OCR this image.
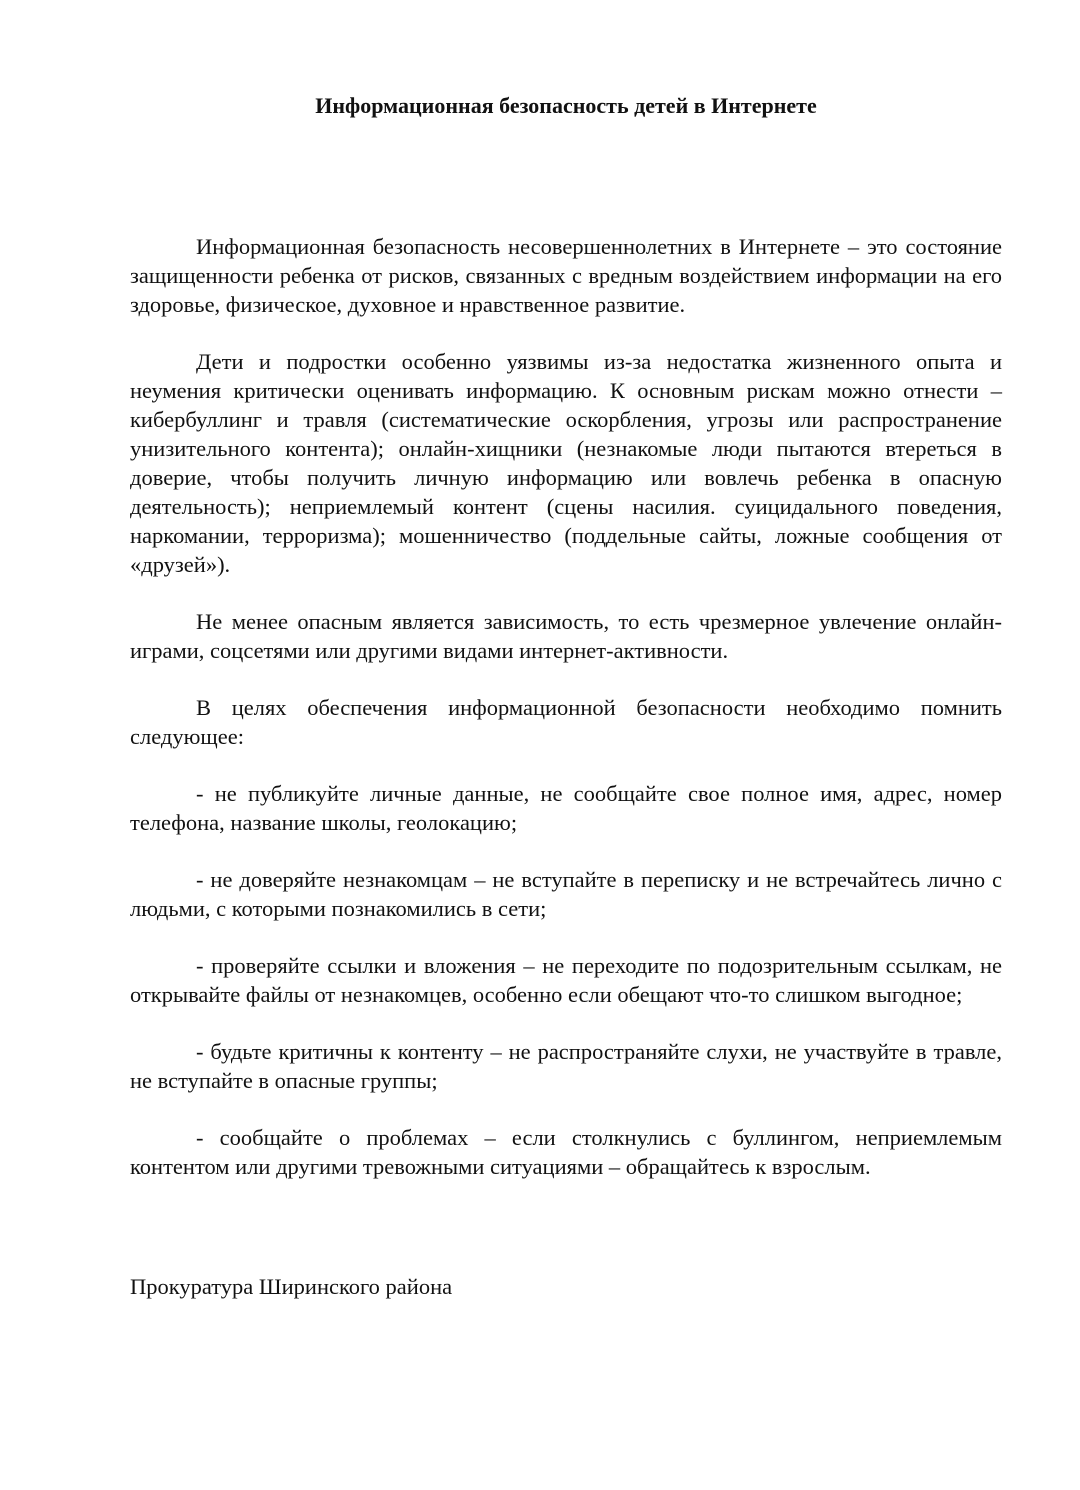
Информационная безопасность детей в Интернете

Информационная безопасность несовершеннолетних в Интернете – это состояние защищенности ребенка от рисков, связанных с вредным воздействием информации на его здоровье, физическое, духовное и нравственное развитие.

Дети и подростки особенно уязвимы из-за недостатка жизненного опыта и неумения критически оценивать информацию. К основным рискам можно отнести – кибербуллинг и травля (систематические оскорбления, угрозы или распространение унизительного контента); онлайн-хищники (незнакомые люди пытаются втереться в доверие, чтобы получить личную информацию или вовлечь ребенка в опасную деятельность); неприемлемый контент (сцены насилия. суицидального поведения, наркомании, терроризма); мошенничество (поддельные сайты, ложные сообщения от «друзей»).

Не менее опасным является зависимость, то есть чрезмерное увлечение онлайн-играми, соцсетями или другими видами интернет-активности.

В целях обеспечения информационной безопасности необходимо помнить следующее:

- не публикуйте личные данные, не сообщайте свое полное имя, адрес, номер телефона, название школы, геолокацию;

- не доверяйте незнакомцам – не вступайте в переписку и не встречайтесь лично с людьми, с которыми познакомились в сети;

- проверяйте ссылки и вложения – не переходите по подозрительным ссылкам, не открывайте файлы от незнакомцев, особенно если обещают что-то слишком выгодное;

- будьте критичны к контенту – не распространяйте слухи, не участвуйте в травле, не вступайте в опасные группы;

- сообщайте о проблемах – если столкнулись с буллингом, неприемлемым контентом или другими тревожными ситуациями – обращайтесь к взрослым.

Прокуратура Ширинского района
